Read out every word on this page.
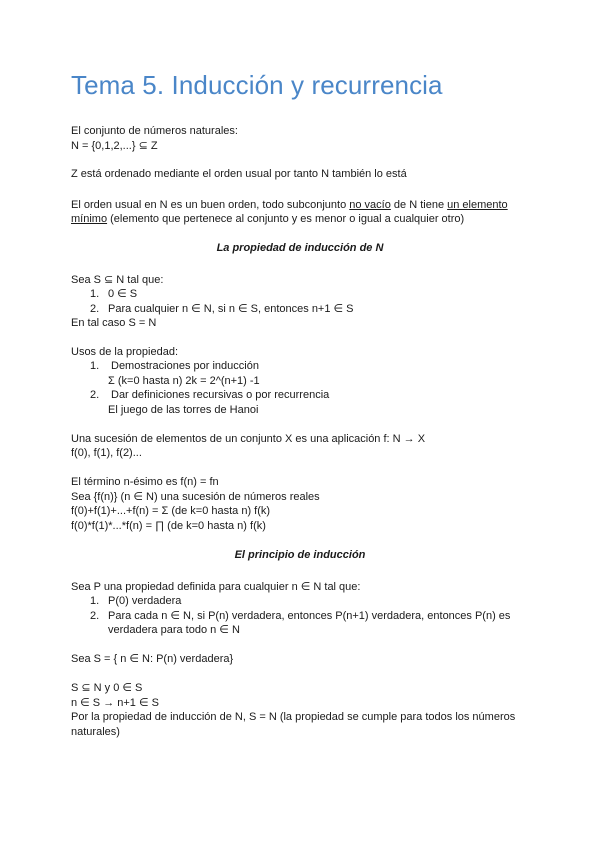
Tema 5. Inducción y recurrencia
El conjunto de números naturales:
N = {0,1,2,...} ⊆ Z
Z está ordenado mediante el orden usual por tanto N también lo está
El orden usual en N es un buen orden, todo subconjunto no vacío de N tiene un elemento
mínimo (elemento que pertenece al conjunto y es menor o igual a cualquier otro)
La propiedad de inducción de N
Sea S ⊆ N tal que:
1. 0 ∈ S
2. Para cualquier n ∈ N, si n ∈ S, entonces n+1 ∈ S
En tal caso S = N
Usos de la propiedad:
1. Demostraciones por inducción
Σ (k=0 hasta n) 2k = 2^(n+1) -1
2. Dar definiciones recursivas o por recurrencia
El juego de las torres de Hanoi
Una sucesión de elementos de un conjunto X es una aplicación f: N → X
f(0), f(1), f(2)...
El término n-ésimo es f(n) = fn
Sea {f(n)} (n ∈ N) una sucesión de números reales
f(0)+f(1)+...+f(n) = Σ (de k=0 hasta n) f(k)
f(0)*f(1)*...*f(n) = ∏ (de k=0 hasta n) f(k)
El principio de inducción
Sea P una propiedad definida para cualquier n ∈ N tal que:
1. P(0) verdadera
2. Para cada n ∈ N, si P(n) verdadera, entonces P(n+1) verdadera, entonces P(n) es
verdadera para todo n ∈ N
Sea S = { n ∈ N: P(n) verdadera}
S ⊆ N y 0 ∈ S
n ∈ S → n+1 ∈ S
Por la propiedad de inducción de N, S = N (la propiedad se cumple para todos los números
naturales)
